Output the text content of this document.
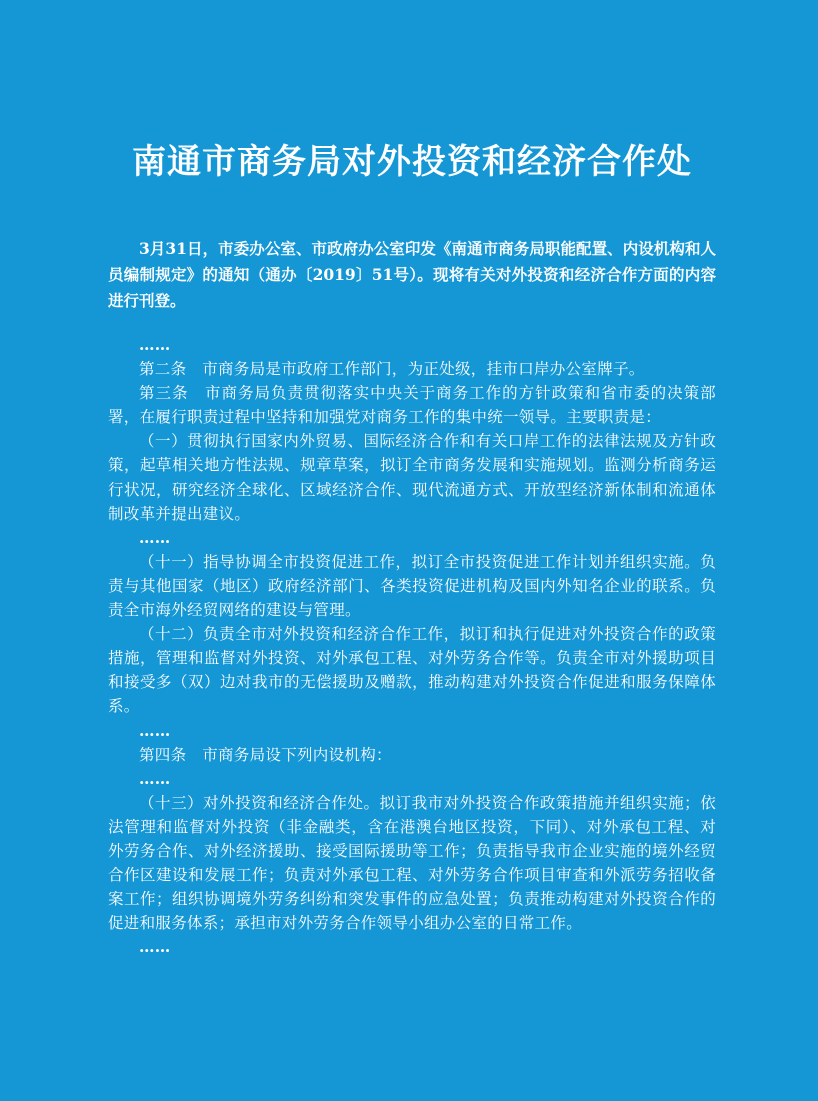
南通市商务局对外投资和经济合作处

3月31日，市委办公室、市政府办公室印发《南通市商务局职能配置、内设机构和人员编制规定》的通知（通办〔2019〕51号）。现将有关对外投资和经济合作方面的内容进行刊登。

……

第二条　市商务局是市政府工作部门，为正处级，挂市口岸办公室牌子。

第三条　市商务局负责贯彻落实中央关于商务工作的方针政策和省市委的决策部署，在履行职责过程中坚持和加强党对商务工作的集中统一领导。主要职责是：

（一）贯彻执行国家内外贸易、国际经济合作和有关口岸工作的法律法规及方针政策，起草相关地方性法规、规章草案，拟订全市商务发展和实施规划。监测分析商务运行状况，研究经济全球化、区域经济合作、现代流通方式、开放型经济新体制和流通体制改革并提出建议。

……

（十一）指导协调全市投资促进工作，拟订全市投资促进工作计划并组织实施。负责与其他国家（地区）政府经济部门、各类投资促进机构及国内外知名企业的联系。负责全市海外经贸网络的建设与管理。

（十二）负责全市对外投资和经济合作工作，拟订和执行促进对外投资合作的政策措施，管理和监督对外投资、对外承包工程、对外劳务合作等。负责全市对外援助项目和接受多（双）边对我市的无偿援助及赠款，推动构建对外投资合作促进和服务保障体系。

……

第四条　市商务局设下列内设机构：

……

（十三）对外投资和经济合作处。拟订我市对外投资合作政策措施并组织实施；依法管理和监督对外投资（非金融类，含在港澳台地区投资，下同）、对外承包工程、对外劳务合作、对外经济援助、接受国际援助等工作；负责指导我市企业实施的境外经贸合作区建设和发展工作；负责对外承包工程、对外劳务合作项目审查和外派劳务招收备案工作；组织协调境外劳务纠纷和突发事件的应急处置；负责推动构建对外投资合作的促进和服务体系；承担市对外劳务合作领导小组办公室的日常工作。

……
